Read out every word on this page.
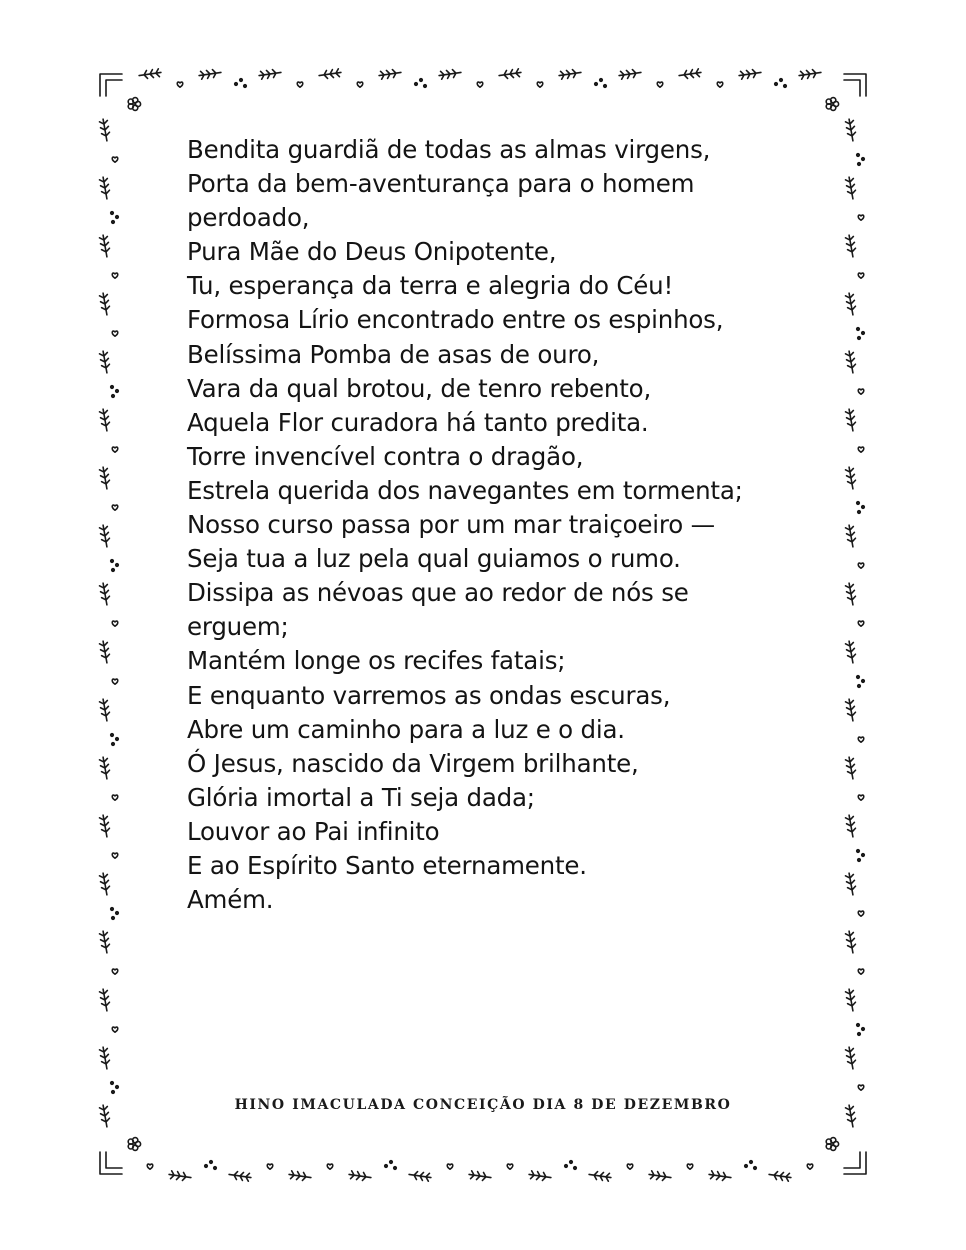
Bendita guardiã de todas as almas virgens,
Porta da bem-aventurança para o homem perdoado,
Pura Mãe do Deus Onipotente,
Tu, esperança da terra e alegria do Céu!
Formosa Lírio encontrado entre os espinhos,
Belíssima Pomba de asas de ouro,
Vara da qual brotou, de tenro rebento,
Aquela Flor curadora há tanto predita.
Torre invencível contra o dragão,
Estrela querida dos navegantes em tormenta;
Nosso curso passa por um mar traiçoeiro —
Seja tua a luz pela qual guiamos o rumo.
Dissipa as névoas que ao redor de nós se erguem;
Mantém longe os recifes fatais;
E enquanto varremos as ondas escuras,
Abre um caminho para a luz e o dia.
Ó Jesus, nascido da Virgem brilhante,
Glória imortal a Ti seja dada;
Louvor ao Pai infinito
E ao Espírito Santo eternamente.
Amém.
HINO IMACULADA CONCEIÇÃO DIA 8 DE DEZEMBRO
